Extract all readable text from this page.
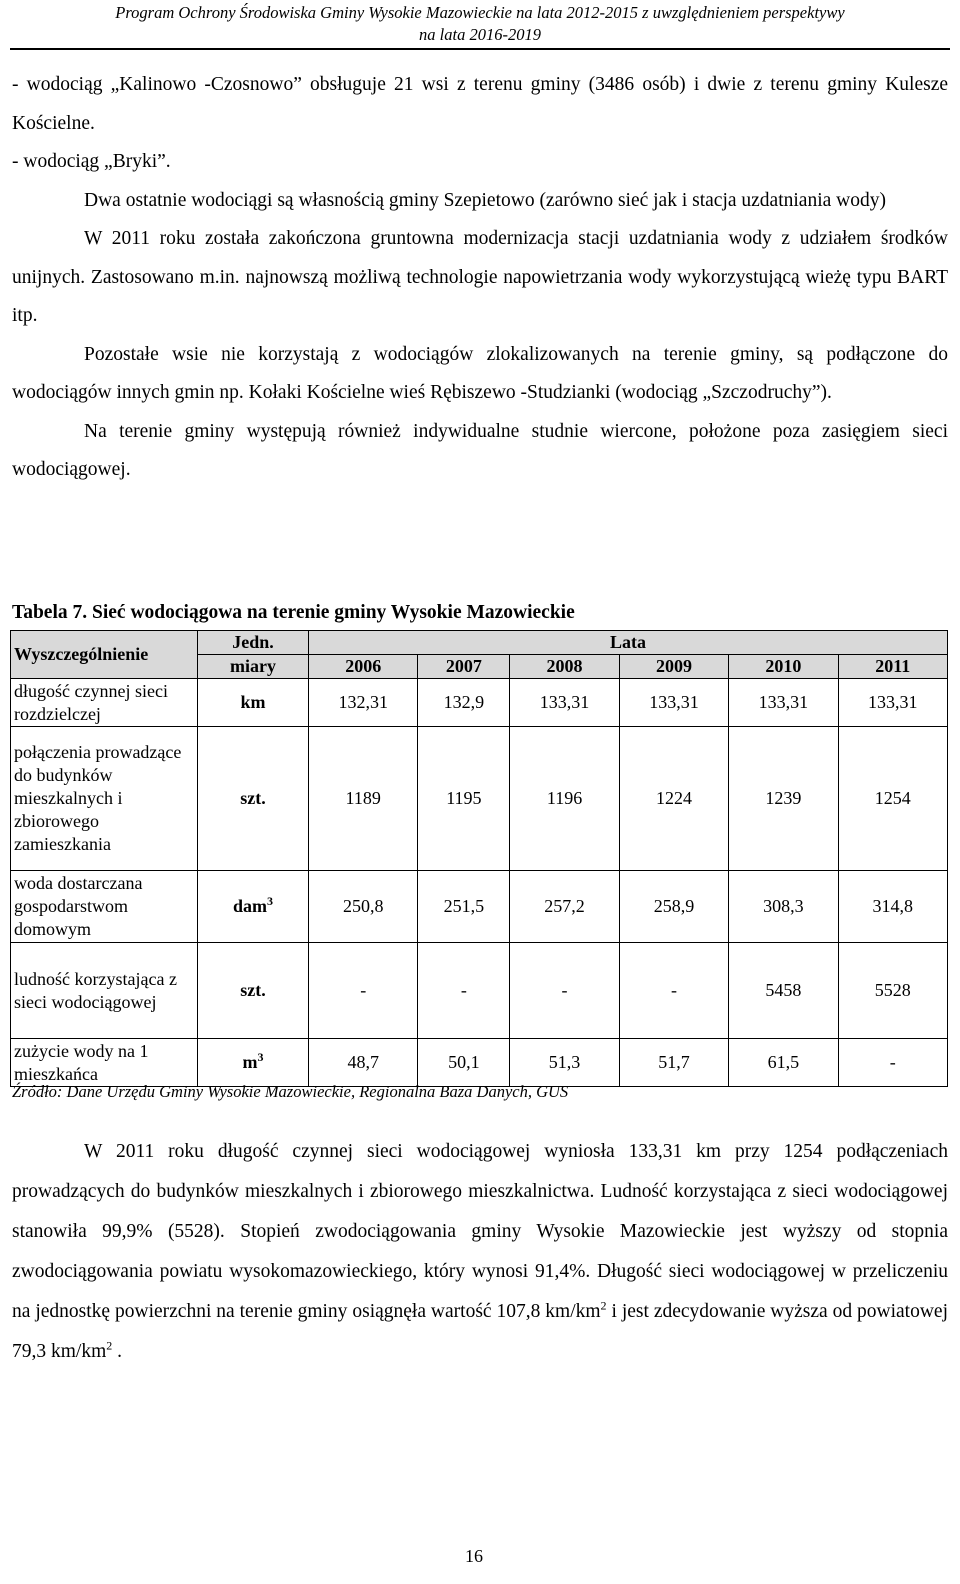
Program Ochrony Środowiska Gminy Wysokie Mazowieckie na lata 2012-2015 z uwzględnieniem perspektywy
na lata 2016-2019

- wodociąg „Kalinowo -Czosnowo” obsługuje 21 wsi z terenu gminy (3486 osób) i dwie z terenu gminy Kulesze Kościelne.

- wodociąg „Bryki”.

Dwa ostatnie wodociągi są własnością gminy Szepietowo (zarówno sieć jak i stacja uzdatniania wody)

W 2011 roku została zakończona gruntowna modernizacja stacji uzdatniania wody z udziałem środków unijnych. Zastosowano m.in. najnowszą możliwą technologie napowietrzania wody wykorzystującą wieżę typu BART itp.

Pozostałe wsie nie korzystają z wodociągów zlokalizowanych na terenie gminy, są podłączone do wodociągów innych gmin np. Kołaki Kościelne wieś Rębiszewo -Studzianki (wodociąg „Szczodruchy”).

Na terenie gminy występują również indywidualne studnie wiercone, położone poza zasięgiem sieci wodociągowej.

Tabela 7. Sieć wodociągowa na terenie gminy Wysokie Mazowieckie
Wyszczególnienie	Jedn.	Lata					
	miary	2006	2007	2008	2009	2010	2011
długość czynnej sieci rozdzielczej	km	132,31	132,9	133,31	133,31	133,31	133,31
połączenia prowadzące do budynków mieszkalnych i zbiorowego zamieszkania	szt.	1189	1195	1196	1224	1239	1254
woda dostarczana gospodarstwom domowym	dam$^3$	250,8	251,5	257,2	258,9	308,3	314,8
ludność korzystająca z sieci wodociągowej	szt.	-	-	-	-	5458	5528
zużycie wody na 1 mieszkańca	$m^3$	48,7	50,1	51,3	51,7	61,5	-
Źródło: Dane Urzędu Gminy Wysokie Mazowieckie, Regionalna Baza Danych, GUS

W 2011 roku długość czynnej sieci wodociągowej wyniosła 133,31 km przy 1254 podłączeniach prowadzących do budynków mieszkalnych i zbiorowego mieszkalnictwa. Ludność korzystająca z sieci wodociągowej stanowiła 99,9% (5528). Stopień zwodociągowania gminy Wysokie Mazowieckie jest wyższy od stopnia zwodociągowania powiatu wysokomazowieckiego, który wynosi 91,4%. Długość sieci wodociągowej w przeliczeniu na jednostkę powierzchni na terenie gminy osiągnęła wartość 107,8 $km/km^2$ i jest zdecydowanie wyższa od powiatowej 79,3 $km/km^2$ .

16
